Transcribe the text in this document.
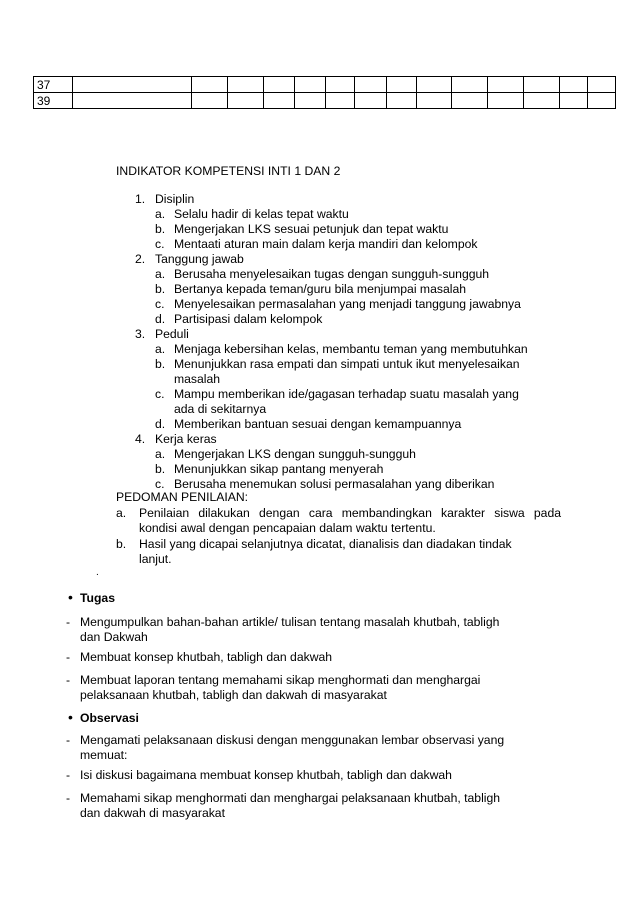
37														
39														
INDIKATOR KOMPETENSI INTI 1 DAN 2
1. Disiplin
a. Selalu hadir di kelas tepat waktu
b. Mengerjakan LKS sesuai petunjuk dan tepat waktu
c. Mentaati aturan main dalam kerja mandiri dan kelompok
2. Tanggung jawab
a. Berusaha menyelesaikan tugas dengan sungguh-sungguh
b. Bertanya kepada teman/guru bila menjumpai masalah
c. Menyelesaikan permasalahan yang menjadi tanggung jawabnya
d. Partisipasi dalam kelompok
3. Peduli
a. Menjaga kebersihan kelas, membantu teman yang membutuhkan
b. Menunjukkan rasa empati dan simpati untuk ikut menyelesaikan
masalah
c. Mampu memberikan ide/gagasan terhadap suatu masalah yang
ada di sekitarnya
d. Memberikan bantuan sesuai dengan kemampuannya
4. Kerja keras
a. Mengerjakan LKS dengan sungguh-sungguh
b. Menunjukkan sikap pantang menyerah
c. Berusaha menemukan solusi permasalahan yang diberikan
PEDOMAN PENILAIAN:
a. Penilaian dilakukan dengan cara membandingkan karakter siswa pada
kondisi awal dengan pencapaian dalam waktu tertentu.
b. Hasil yang dicapai selanjutnya dicatat, dianalisis dan diadakan tindak
lanjut.
.
• Tugas
- Mengumpulkan bahan-bahan artikle/ tulisan tentang masalah khutbah, tabligh
dan Dakwah
- Membuat konsep khutbah, tabligh dan dakwah
- Membuat laporan tentang memahami sikap menghormati dan menghargai
pelaksanaan khutbah, tabligh dan dakwah di masyarakat
• Observasi
- Mengamati pelaksanaan diskusi dengan menggunakan lembar observasi yang
memuat:
- Isi diskusi bagaimana membuat konsep khutbah, tabligh dan dakwah
- Memahami sikap menghormati dan menghargai pelaksanaan khutbah, tabligh
dan dakwah di masyarakat
